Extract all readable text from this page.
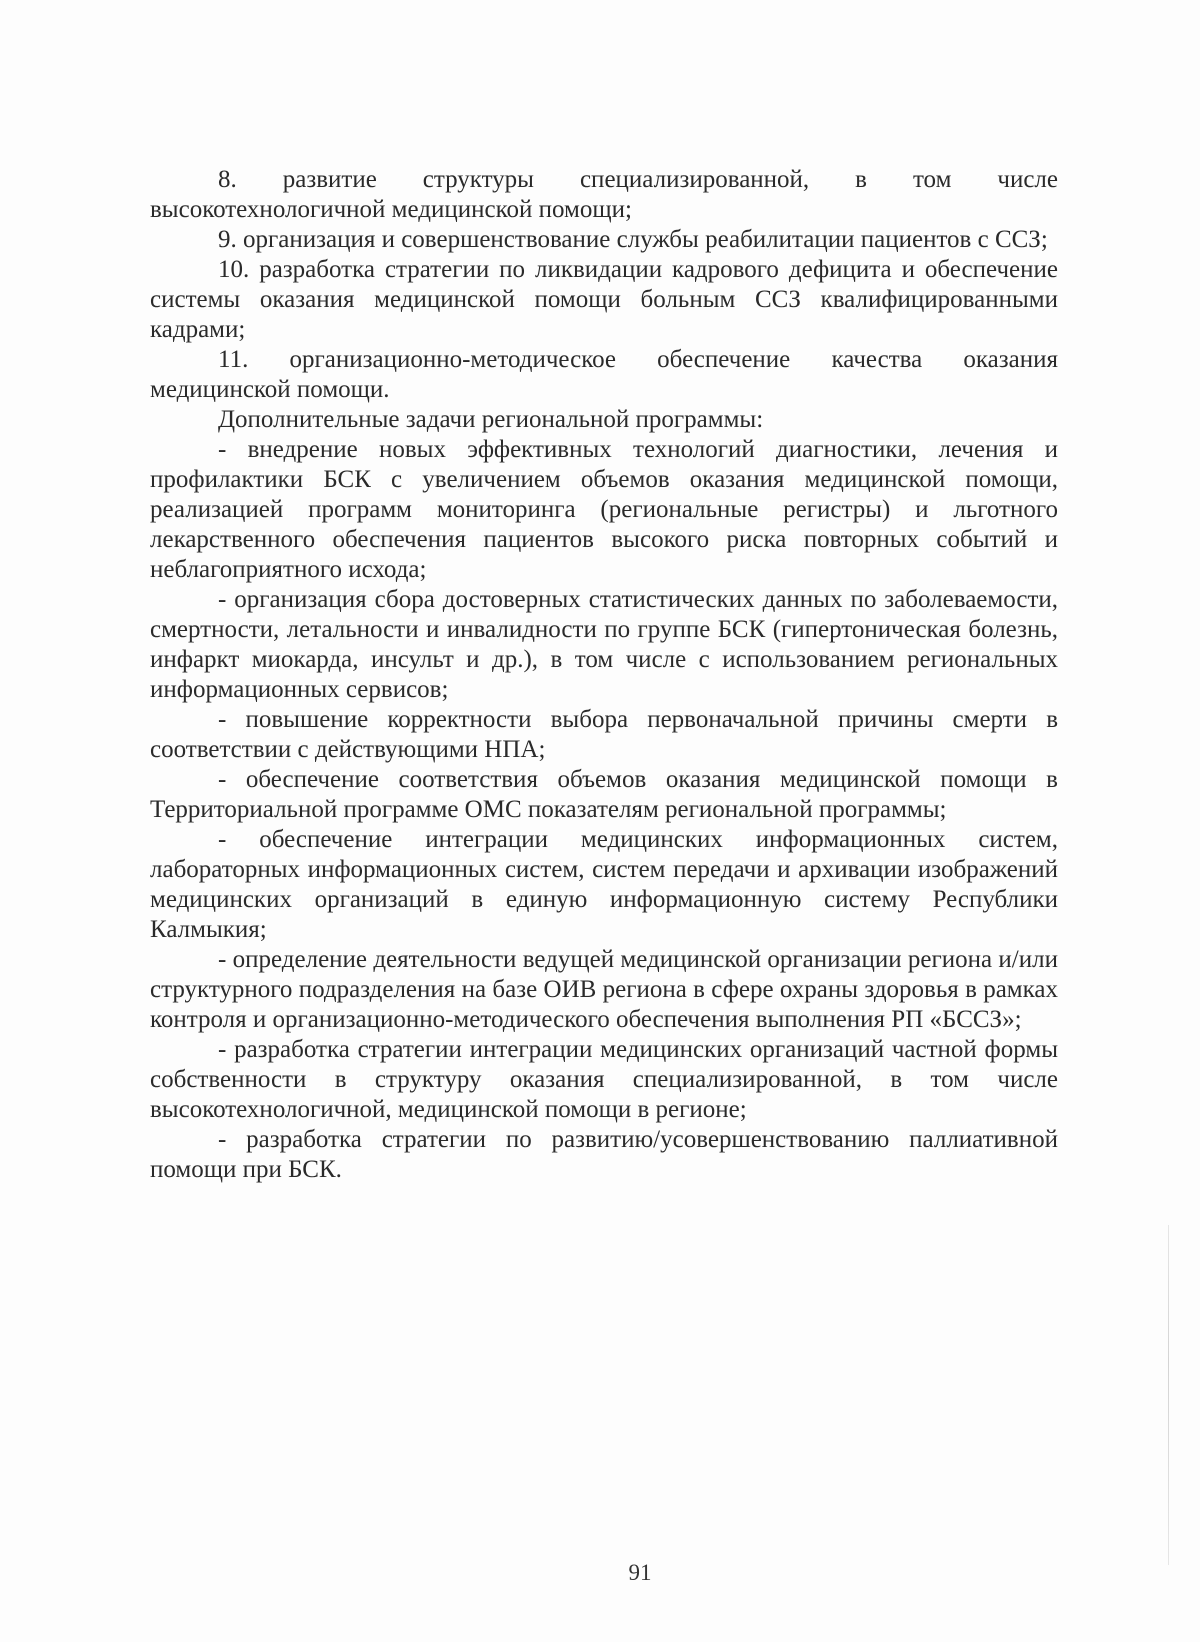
8. развитие структуры специализированной, в том числе высокотехнологичной медицинской помощи;

9. организация и совершенствование службы реабилитации пациентов с ССЗ;

10. разработка стратегии по ликвидации кадрового дефицита и обеспечение системы оказания медицинской помощи больным ССЗ квалифицированными кадрами;

11. организационно-методическое обеспечение качества оказания медицинской помощи.

Дополнительные задачи региональной программы:

- внедрение новых эффективных технологий диагностики, лечения и профилактики БСК с увеличением объемов оказания медицинской помощи, реализацией программ мониторинга (региональные регистры) и льготного лекарственного обеспечения пациентов высокого риска повторных событий и неблагоприятного исхода;

- организация сбора достоверных статистических данных по заболеваемости, смертности, летальности и инвалидности по группе БСК (гипертоническая болезнь, инфаркт миокарда, инсульт и др.), в том числе с использованием региональных информационных сервисов;

- повышение корректности выбора первоначальной причины смерти в соответствии с действующими НПА;

- обеспечение соответствия объемов оказания медицинской помощи в Территориальной программе ОМС показателям региональной программы;

- обеспечение интеграции медицинских информационных систем, лабораторных информационных систем, систем передачи и архивации изображений медицинских организаций в единую информационную систему Республики Калмыкия;

- определение деятельности ведущей медицинской организации региона и/или структурного подразделения на базе ОИВ региона в сфере охраны здоровья в рамках контроля и организационно-методического обеспечения выполнения РП «БССЗ»;

- разработка стратегии интеграции медицинских организаций частной формы собственности в структуру оказания специализированной, в том числе высокотехнологичной, медицинской помощи в регионе;

- разработка стратегии по развитию/усовершенствованию паллиативной помощи при БСК.

91
